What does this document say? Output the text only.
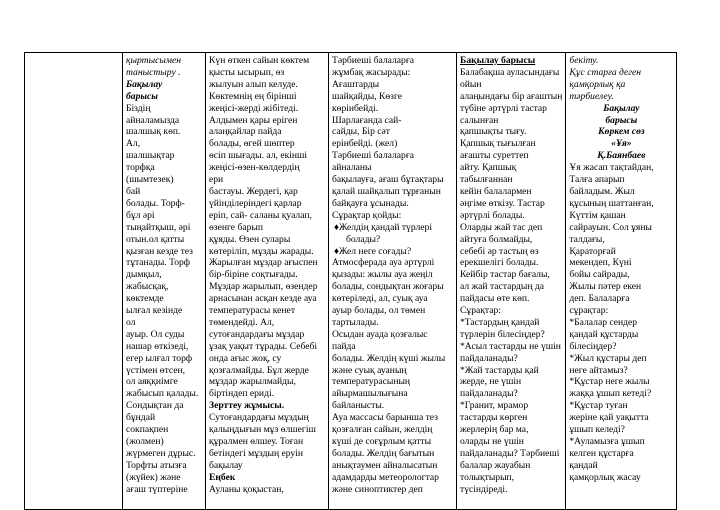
қыртысымен
таныстыру .
Бақылау
барысы
Біздің
айналамызда
шалшық көп.
Ал,
шалшықтар
торфқа
(шымтезек)
бай
болады. Торф-
бұл әрі
тыңайтқыш, әрі
отын.ол қатты
қызған кезде тез
тұтанады. Торф
дымқыл,
жабысқақ,
көктемде
ылғал кезінде
ол
ауыр. Ол суды
нашар өткізеді,
егер ылғал торф
үстімен өтсен,
ол аяққиімге
жабысып қалады.
Сондықтан да
бұндай
сокпақпен
(жолмен)
жүрмеген дұрыс.
Торфты атызға
(жүйек) және
ағаш түптеріне

Күн өткен сайын көктем
қысты ысырып, өз
жылуын алып келуде.
Көктемнің ең бірінші
жеңісі-жерді жібітеді.
Алдымен қары еріген
алаңқайлар пайда
болады, өгей шөптер
өсіп шығады. ал, екінші
жеңісі-өзен-көлдердің
ери
бастауы. Жердегі, қар
үйінділеріндегі қарлар
еріп, сай- саланы қуалап,
өзенге барып
құяды. Өзен сулары
көтеріліп, мұзды жарады.
Жарылған мұздар ағыспен
бір-біріне соқтығады.
Мұздар жарылып, өзендер
арнасынан асқан кезде ауа
температурасы кенет
төмендейді. Ал,
сутоғандардағы мұздар
ұзақ уақыт тұрады. Себебі
онда ағыс жоқ, су
қозғалмайды. Бұл жерде
мұздар жарылмайды,
біртіндеп ериді.
Зерттеу жұмысы.
Сутоғандардағы мұздың
қалыңдығын мұз өлшегіш
құралмен өлшеу. Тоған
бетіндегі мұздың еруін
бақылау
Еңбек
Ауланы қоқыстан,

Тәрбиеші балаларға
жұмбақ жасырады:
Ағаштарды
шайқайды, Көзге
көрінбейді.
Шарлағанда сай-
сайды, Бір сәт
ерінбейді. (жел)
Тәрбиеші балаларға
айналаны
бақылауға, ағаш бұтақтары
қалай шайқалып тұрғанын
байқауға ұсынады.
Сұрақтар қойды:
♦Желдің қандай түрлері
болады?
♦Жел неге соғады?
Атмосферада ауа әртүрлі
қызады: жылы ауа жеңіл
болады, сондықтан жоғары
көтеріледі, ал, суық ауа
ауыр болады, ол төмен
тартылады.
Осыдан ауада қозғалыс
пайда
болады. Желдің күші жылы
және суық ауаның
температурасының
айырмашылығына
байланысты.
Ауа массасы барынша тез
қозғалған сайын, желдің
күші де соғұрлым қатты
болады. Желдің бағытын
анықтаумен айналысатын
адамдарды метеорологтар
және синоптиктер деп

Бақылау барысы
Балабақша ауласындағы
ойын
алаңындағы бір ағаштың
түбіне әртүрлі тастар
салынған
қапшықты тығу.
Қапшық тығылған
ағашты суреттеп
айту. Қапшық
табылғаннан
кейін балалармен
әңгіме өткізу. Тастар
әртүрлі болады.
Оларды жай тас деп
айтуға болмайды,
себебі әр тастың өз
ерекшелігі болады.
Кейбір тастар бағалы,
ал жай тастардың да
пайдасы өте көп.
Сұрақтар:
*Тастардың қандай
түрлерін білесіңдер?
*Асыл тастарды не үшін
пайдаланады?
*Жай тастарды қай
жерде, не үшін
пайдаланады?
*Гранит, мрамор
тастарды көрген
жерлерің бар ма,
оларды не үшін
пайдаланады? Тәрбиеші
балалар жауабын
толықтырып,
түсіндіреді.

бекіту.
Құс старға деген
қамқорлық қа
тәрбиелеу.
Бақылау
барысы
Көркем сөз
«Ұя»
Қ.Баянбаев
Ұя жасап тақтайдан,
Талға апарып
байладым. Жыл
құсының шаттанған,
Күттім қашан
сайрауын. Сол ұяны
талдағы,
Қараторғай
мекендеп, Күні
бойы сайрады,
Жылы пәтер екен
деп. Балаларға
сұрақтар:
*Балалар сендер
қандай құстарды
білесіңдер?
*Жыл құстары деп
неге айтамыз?
*Құстар неге жылы
жаққа ұшып кетеді?
*Құстар туған
жеріне қай уақытта
ұшып келеді?
*Ауламызға ұшып
келген құстарға
қандай
қамқорлық жасау
